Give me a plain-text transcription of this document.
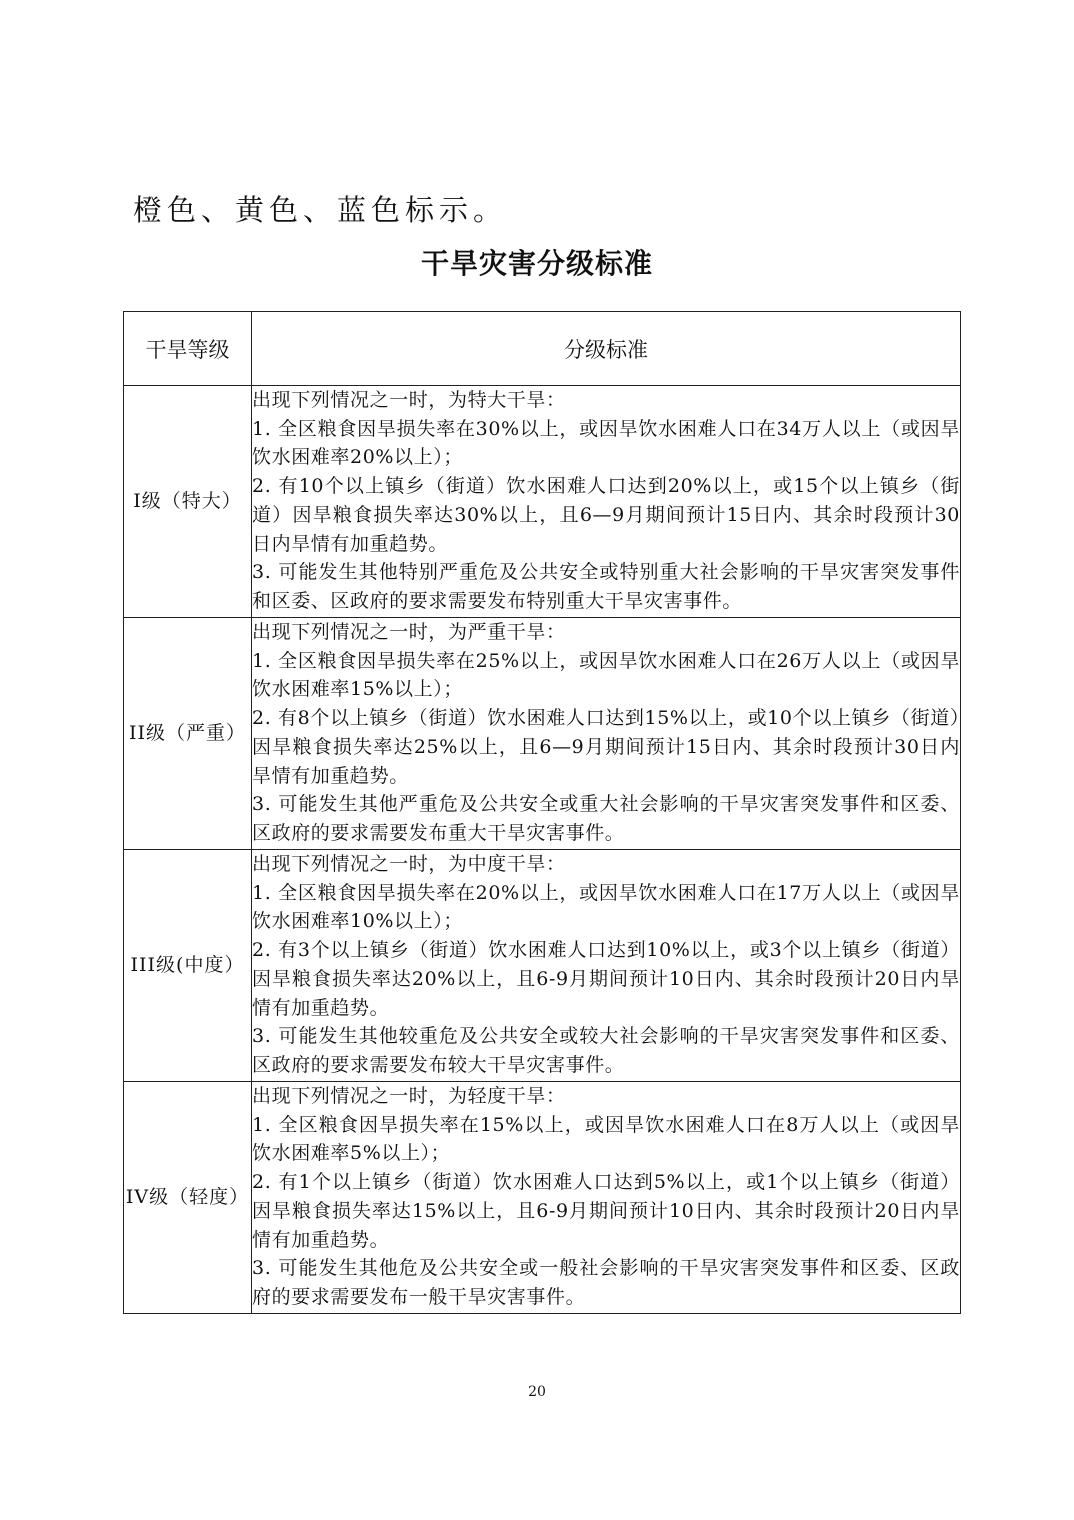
橙色、黄色、蓝色标示。
干旱灾害分级标准
干旱等级	分级标准
I级（特大）	出现下列情况之一时，为特大干旱：
1. 全区粮食因旱损失率在30%以上，或因旱饮水困难人口在34万人以上（或因旱饮水困难率20%以上）；
2. 有10个以上镇乡（街道）饮水困难人口达到20%以上，或15个以上镇乡（街道）因旱粮食损失率达30%以上，且6—9月期间预计15日内、其余时段预计30日内旱情有加重趋势。
3. 可能发生其他特别严重危及公共安全或特别重大社会影响的干旱灾害突发事件和区委、区政府的要求需要发布特别重大干旱灾害事件。

II级（严重）	出现下列情况之一时，为严重干旱：
1. 全区粮食因旱损失率在25%以上，或因旱饮水困难人口在26万人以上（或因旱饮水困难率15%以上）；
2. 有8个以上镇乡（街道）饮水困难人口达到15%以上，或10个以上镇乡（街道）因旱粮食损失率达25%以上，且6—9月期间预计15日内、其余时段预计30日内旱情有加重趋势。
3. 可能发生其他严重危及公共安全或重大社会影响的干旱灾害突发事件和区委、区政府的要求需要发布重大干旱灾害事件。

III级(中度）	出现下列情况之一时，为中度干旱：
1. 全区粮食因旱损失率在20%以上，或因旱饮水困难人口在17万人以上（或因旱饮水困难率10%以上）；
2. 有3个以上镇乡（街道）饮水困难人口达到10%以上，或3个以上镇乡（街道）因旱粮食损失率达20%以上，且6-9月期间预计10日内、其余时段预计20日内旱情有加重趋势。
3. 可能发生其他较重危及公共安全或较大社会影响的干旱灾害突发事件和区委、区政府的要求需要发布较大干旱灾害事件。

IV级（轻度）	出现下列情况之一时，为轻度干旱：
1. 全区粮食因旱损失率在15%以上，或因旱饮水困难人口在8万人以上（或因旱饮水困难率5%以上）；
2. 有1个以上镇乡（街道）饮水困难人口达到5%以上，或1个以上镇乡（街道）因旱粮食损失率达15%以上，且6-9月期间预计10日内、其余时段预计20日内旱情有加重趋势。
3. 可能发生其他危及公共安全或一般社会影响的干旱灾害突发事件和区委、区政府的要求需要发布一般干旱灾害事件。
20
